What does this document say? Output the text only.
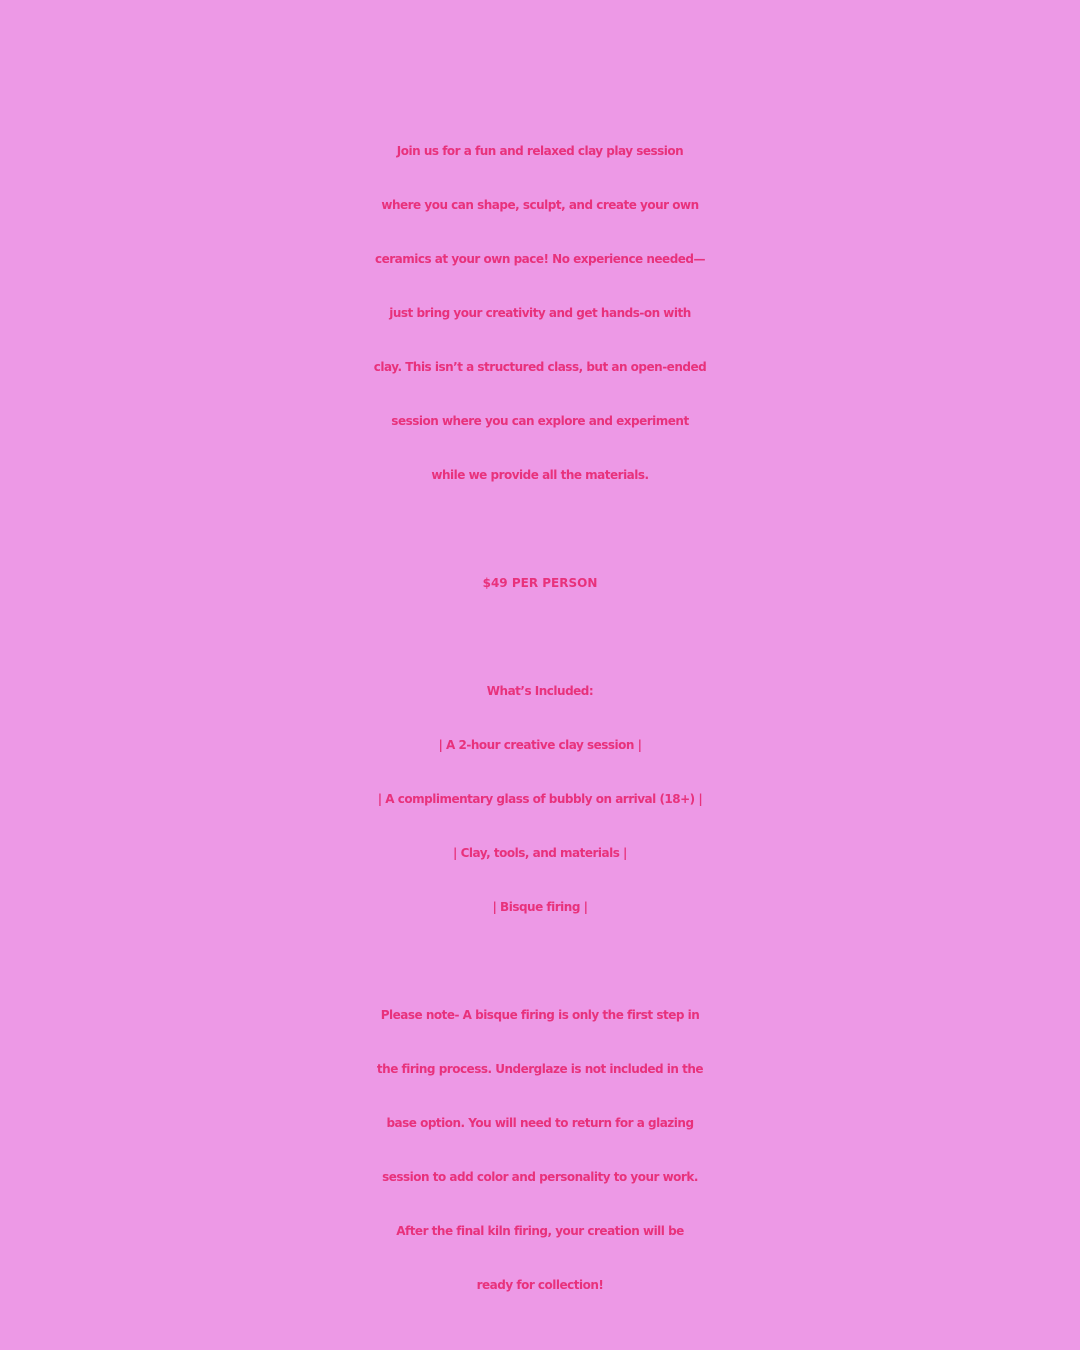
Join us for a fun and relaxed clay play session

where you can shape, sculpt, and create your own

ceramics at your own pace! No experience needed—

just bring your creativity and get hands-on with

clay. This isn’t a structured class, but an open-ended

session where you can explore and experiment

while we provide all the materials.

$49 PER PERSON

What’s Included:

| A 2-hour creative clay session |

| A complimentary glass of bubbly on arrival (18+) |

| Clay, tools, and materials |

| Bisque firing |

Please note- A bisque firing is only the first step in

the firing process. Underglaze is not included in the

base option. You will need to return for a glazing

session to add color and personality to your work.

After the final kiln firing, your creation will be

ready for collection!
